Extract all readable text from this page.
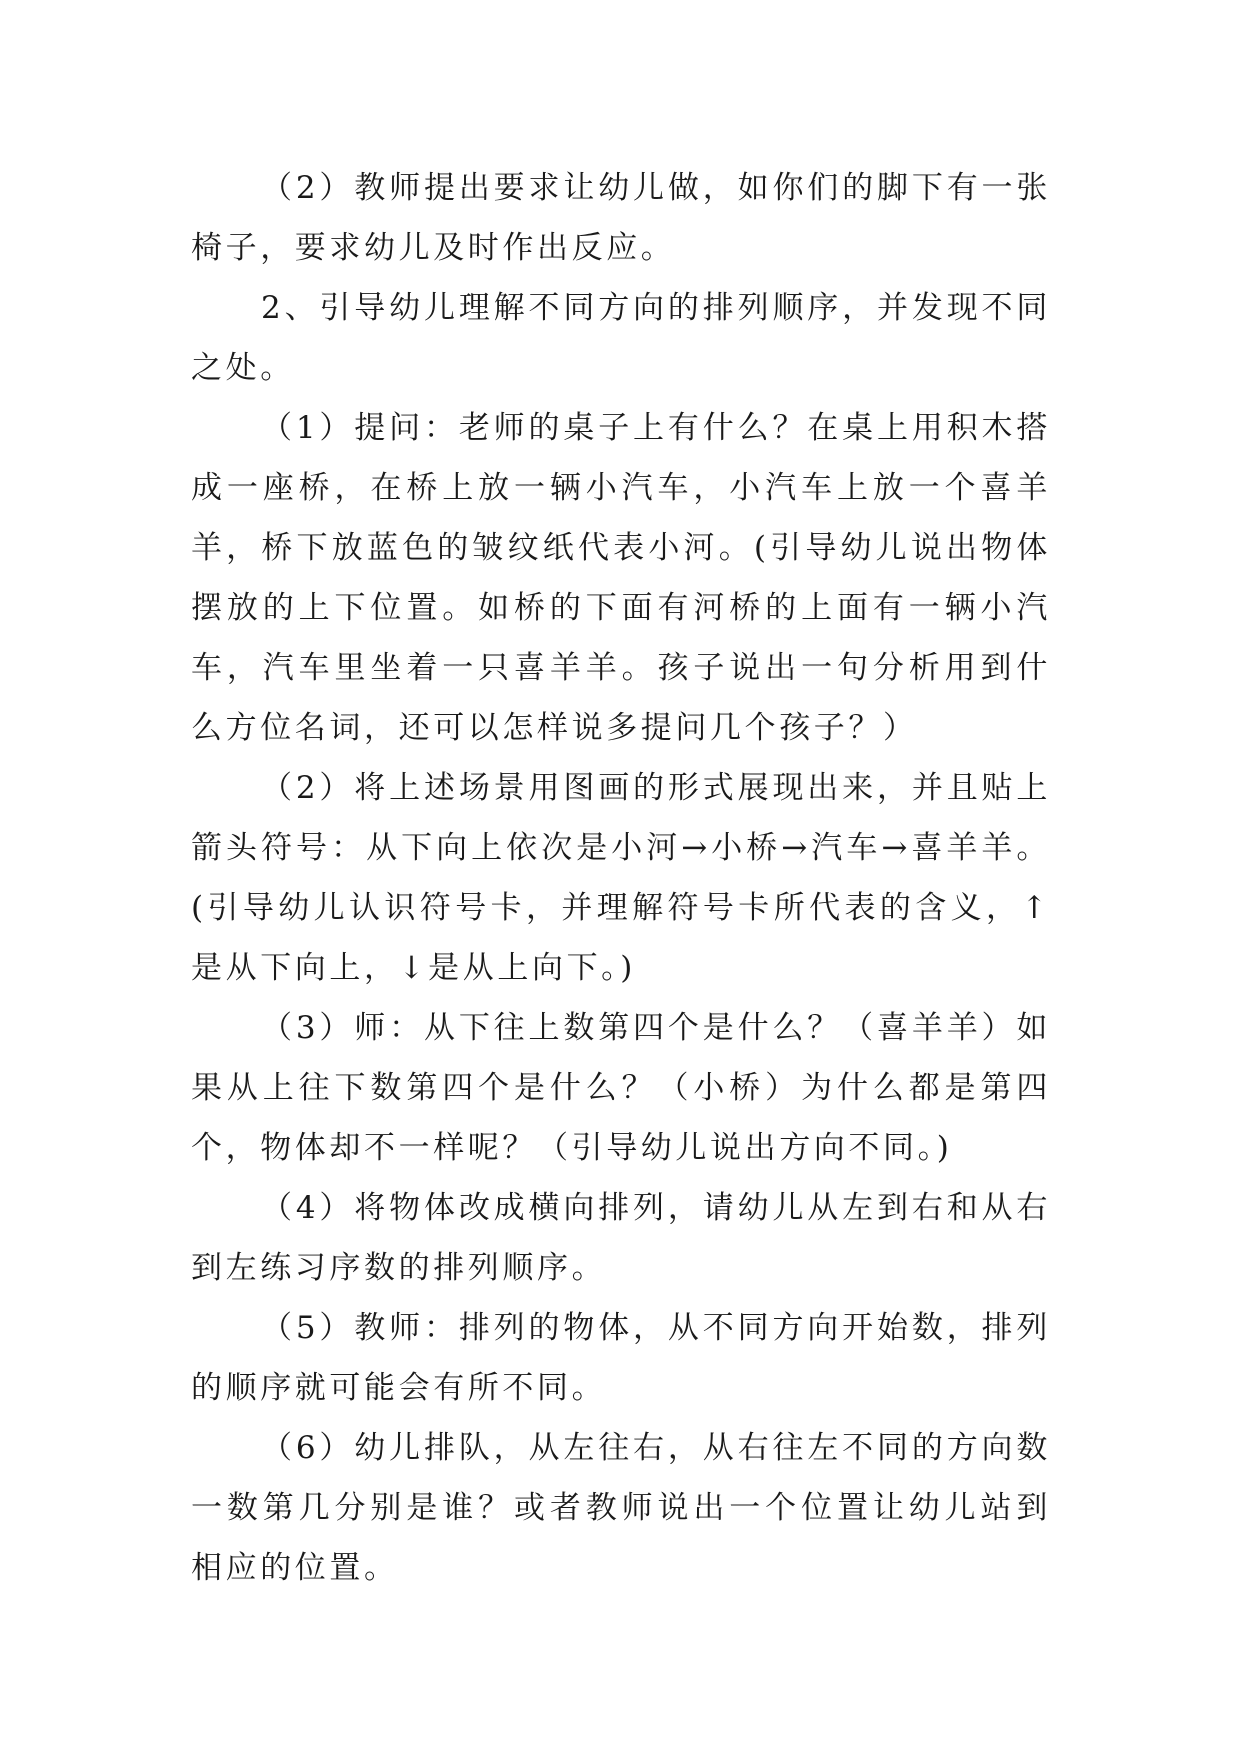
（2）教师提出要求让幼儿做，如你们的脚下有一张椅子，要求幼儿及时作出反应。

2、引导幼儿理解不同方向的排列顺序，并发现不同之处。

（1）提问：老师的桌子上有什么？在桌上用积木搭成一座桥，在桥上放一辆小汽车，小汽车上放一个喜羊羊，桥下放蓝色的皱纹纸代表小河。(引导幼儿说出物体摆放的上下位置。如桥的下面有河桥的上面有一辆小汽车，汽车里坐着一只喜羊羊。孩子说出一句分析用到什么方位名词，还可以怎样说多提问几个孩子？）

（2）将上述场景用图画的形式展现出来，并且贴上箭头符号：从下向上依次是小河→小桥→汽车→喜羊羊。(引导幼儿认识符号卡，并理解符号卡所代表的含义，↑是从下向上，↓是从上向下。)

（3）师：从下往上数第四个是什么？（喜羊羊）如果从上往下数第四个是什么？（小桥）为什么都是第四个，物体却不一样呢？（引导幼儿说出方向不同。)

（4）将物体改成横向排列，请幼儿从左到右和从右到左练习序数的排列顺序。

（5）教师：排列的物体，从不同方向开始数，排列的顺序就可能会有所不同。

（6）幼儿排队，从左往右，从右往左不同的方向数一数第几分别是谁？或者教师说出一个位置让幼儿站到相应的位置。
